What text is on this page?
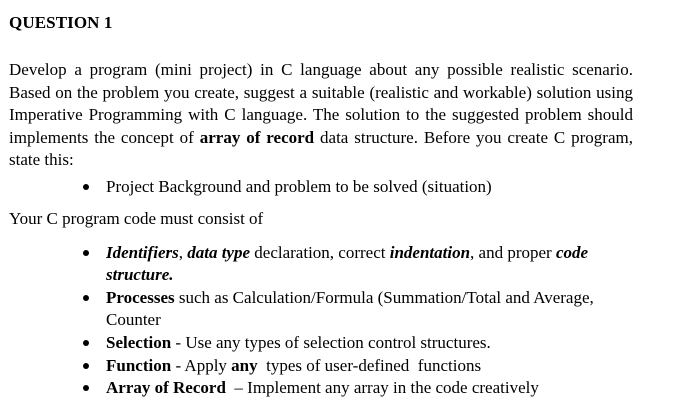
QUESTION 1

Develop a program (mini project) in C language about any possible realistic scenario. Based on the problem you create, suggest a suitable (realistic and workable) solution using Imperative Programming with C language. The solution to the suggested problem should implements the concept of array of record data structure. Before you create C program, state this:

Project Background and problem to be solved (situation)
Your C program code must consist of
Identifiers, data type declaration, correct indentation, and proper code structure.
Processes such as Calculation/Formula (Summation/Total and Average, Counter
Selection - Use any types of selection control structures.
Function - Apply any  types of user-defined  functions
Array of Record  – Implement any array in the code creatively
